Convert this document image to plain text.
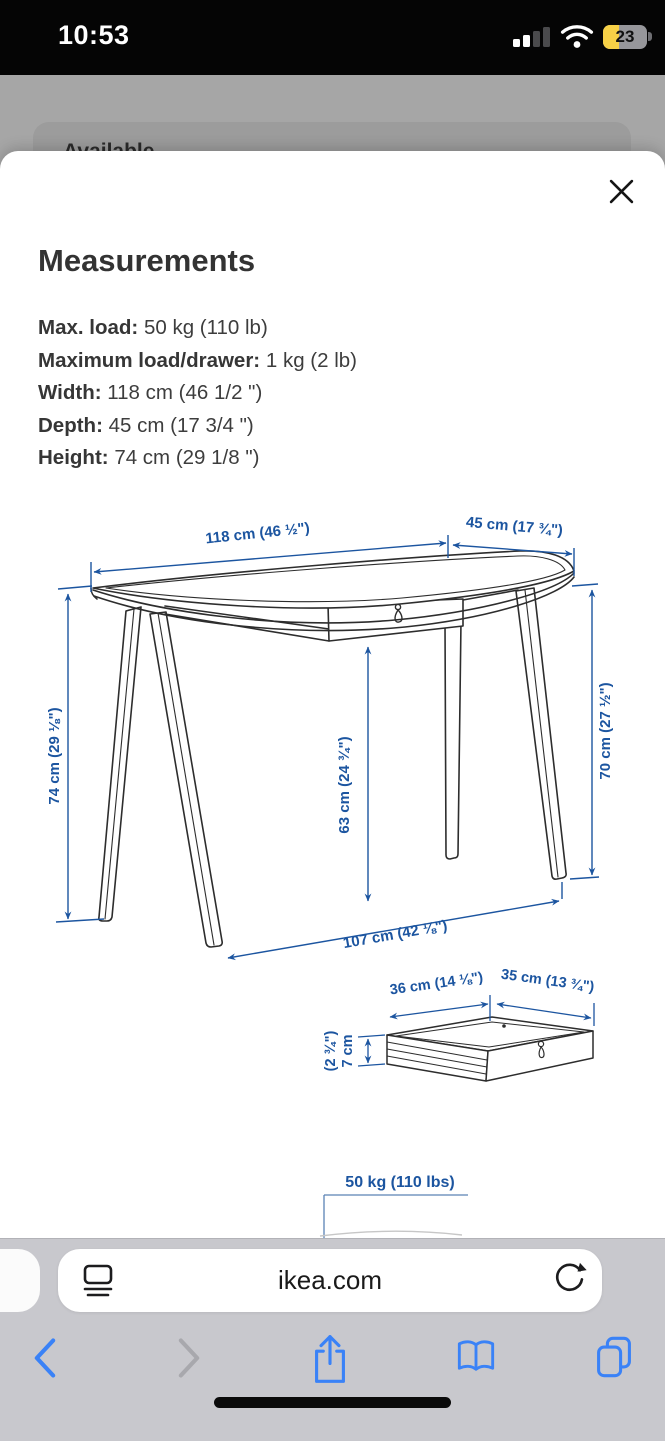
10:53	23
Measurements
Max. load: 50 kg (110 lb)
Maximum load/drawer: 1 kg (2 lb)
Width: 118 cm (46 1/2 ")
Depth: 45 cm (17 3/4 ")
Height: 74 cm (29 1/8 ")
118 cm (46 ½")	45 cm (17 ¾")
74 cm (29 ⅛")	63 cm (24 ¾")
70 cm (27 ½")
107 cm (42 ⅛")
36 cm (14 ⅛") 35 cm (13 ¾")
7 cm
(2 ¾")
50 kg (110 lbs)
ikea.com
